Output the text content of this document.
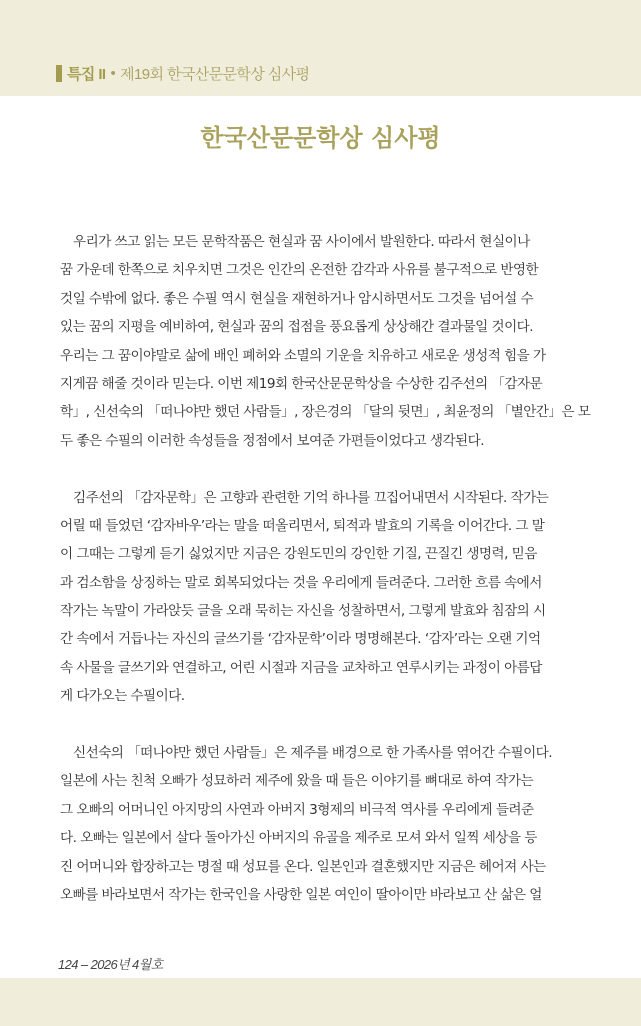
특집 II • 제19회 한국산문문학상 심사평
한국산문문학상 심사평
　우리가 쓰고 읽는 모든 문학작품은 현실과 꿈 사이에서 발원한다. 따라서 현실이나
꿈 가운데 한쪽으로 치우치면 그것은 인간의 온전한 감각과 사유를 불구적으로 반영한
것일 수밖에 없다. 좋은 수필 역시 현실을 재현하거나 암시하면서도 그것을 넘어설 수
있는 꿈의 지평을 예비하여, 현실과 꿈의 접점을 풍요롭게 상상해간 결과물일 것이다.
우리는 그 꿈이야말로 삶에 배인 폐허와 소멸의 기운을 치유하고 새로운 생성적 힘을 가
지게끔 해줄 것이라 믿는다. 이번 제19회 한국산문문학상을 수상한 김주선의 「감자문
학」, 신선숙의 「떠나야만 했던 사람들」, 장은경의 「달의 뒷면」, 최윤정의 「별안간」은 모
두 좋은 수필의 이러한 속성들을 정점에서 보여준 가편들이었다고 생각된다.
　김주선의 「감자문학」은 고향과 관련한 기억 하나를 끄집어내면서 시작된다. 작가는
어릴 때 들었던 ‘감자바우’라는 말을 떠올리면서, 퇴적과 발효의 기록을 이어간다. 그 말
이 그때는 그렇게 듣기 싫었지만 지금은 강원도민의 강인한 기질, 끈질긴 생명력, 믿음
과 검소함을 상징하는 말로 회복되었다는 것을 우리에게 들려준다. 그러한 흐름 속에서
작가는 녹말이 가라앉듯 글을 오래 묵히는 자신을 성찰하면서, 그렇게 발효와 침잠의 시
간 속에서 거듭나는 자신의 글쓰기를 ‘감자문학’이라 명명해본다. ‘감자’라는 오랜 기억
속 사물을 글쓰기와 연결하고, 어린 시절과 지금을 교차하고 연루시키는 과정이 아름답
게 다가오는 수필이다.
　신선숙의 「떠나야만 했던 사람들」은 제주를 배경으로 한 가족사를 엮어간 수필이다.
일본에 사는 친척 오빠가 성묘하러 제주에 왔을 때 들은 이야기를 뼈대로 하여 작가는
그 오빠의 어머니인 아지망의 사연과 아버지 3형제의 비극적 역사를 우리에게 들려준
다. 오빠는 일본에서 살다 돌아가신 아버지의 유골을 제주로 모셔 와서 일찍 세상을 등
진 어머니와 합장하고는 명절 때 성묘를 온다. 일본인과 결혼했지만 지금은 헤어져 사는
오빠를 바라보면서 작가는 한국인을 사랑한 일본 여인이 딸아이만 바라보고 산 삶은 얼
124 – 2026년 4월호
